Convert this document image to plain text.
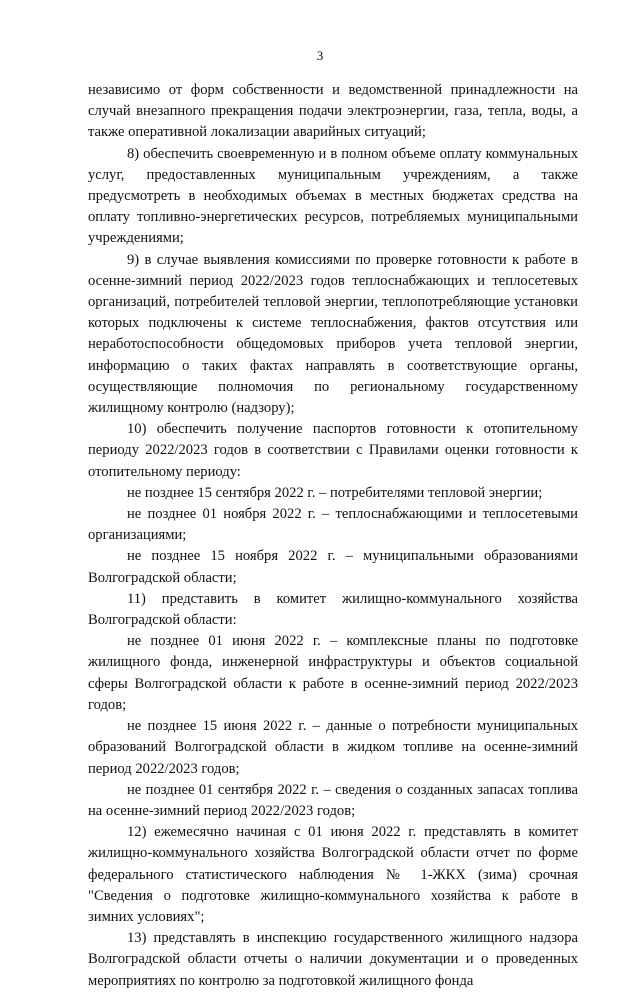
3

независимо от форм собственности и ведомственной принадлежности на случай внезапного прекращения подачи электроэнергии, газа, тепла, воды, а также оперативной локализации аварийных ситуаций;

8) обеспечить своевременную и в полном объеме оплату коммунальных услуг, предоставленных муниципальным учреждениям, а также предусмотреть в необходимых объемах в местных бюджетах средства на оплату топливно-энергетических ресурсов, потребляемых муниципальными учреждениями;

9) в случае выявления комиссиями по проверке готовности к работе в осенне-зимний период 2022/2023 годов теплоснабжающих и теплосетевых организаций, потребителей тепловой энергии, теплопотребляющие установки которых подключены к системе теплоснабжения, фактов отсутствия или неработоспособности общедомовых приборов учета тепловой энергии, информацию о таких фактах направлять в соответствующие органы, осуществляющие полномочия по региональному государственному жилищному контролю (надзору);

10) обеспечить получение паспортов готовности к отопительному периоду 2022/2023 годов в соответствии с Правилами оценки готовности к отопительному периоду:

не позднее 15 сентября 2022 г. – потребителями тепловой энергии;

не позднее 01 ноября 2022 г. – теплоснабжающими и теплосетевыми организациями;

не позднее 15 ноября 2022 г. – муниципальными образованиями Волгоградской области;

11) представить в комитет жилищно-коммунального хозяйства Волгоградской области:

не позднее 01 июня 2022 г. – комплексные планы по подготовке жилищного фонда, инженерной инфраструктуры и объектов социальной сферы Волгоградской области к работе в осенне-зимний период 2022/2023 годов;

не позднее 15 июня 2022 г. – данные о потребности муниципальных образований Волгоградской области в жидком топливе на осенне-зимний период 2022/2023 годов;

не позднее 01 сентября 2022 г. – сведения о созданных запасах топлива на осенне-зимний период 2022/2023 годов;

12) ежемесячно начиная с 01 июня 2022 г. представлять в комитет жилищно-коммунального хозяйства Волгоградской области отчет по форме федерального статистического наблюдения № 1-ЖКХ (зима) срочная "Сведения о подготовке жилищно-коммунального хозяйства к работе в зимних условиях";

13) представлять в инспекцию государственного жилищного надзора Волгоградской области отчеты о наличии документации и о проведенных мероприятиях по контролю за подготовкой жилищного фонда
